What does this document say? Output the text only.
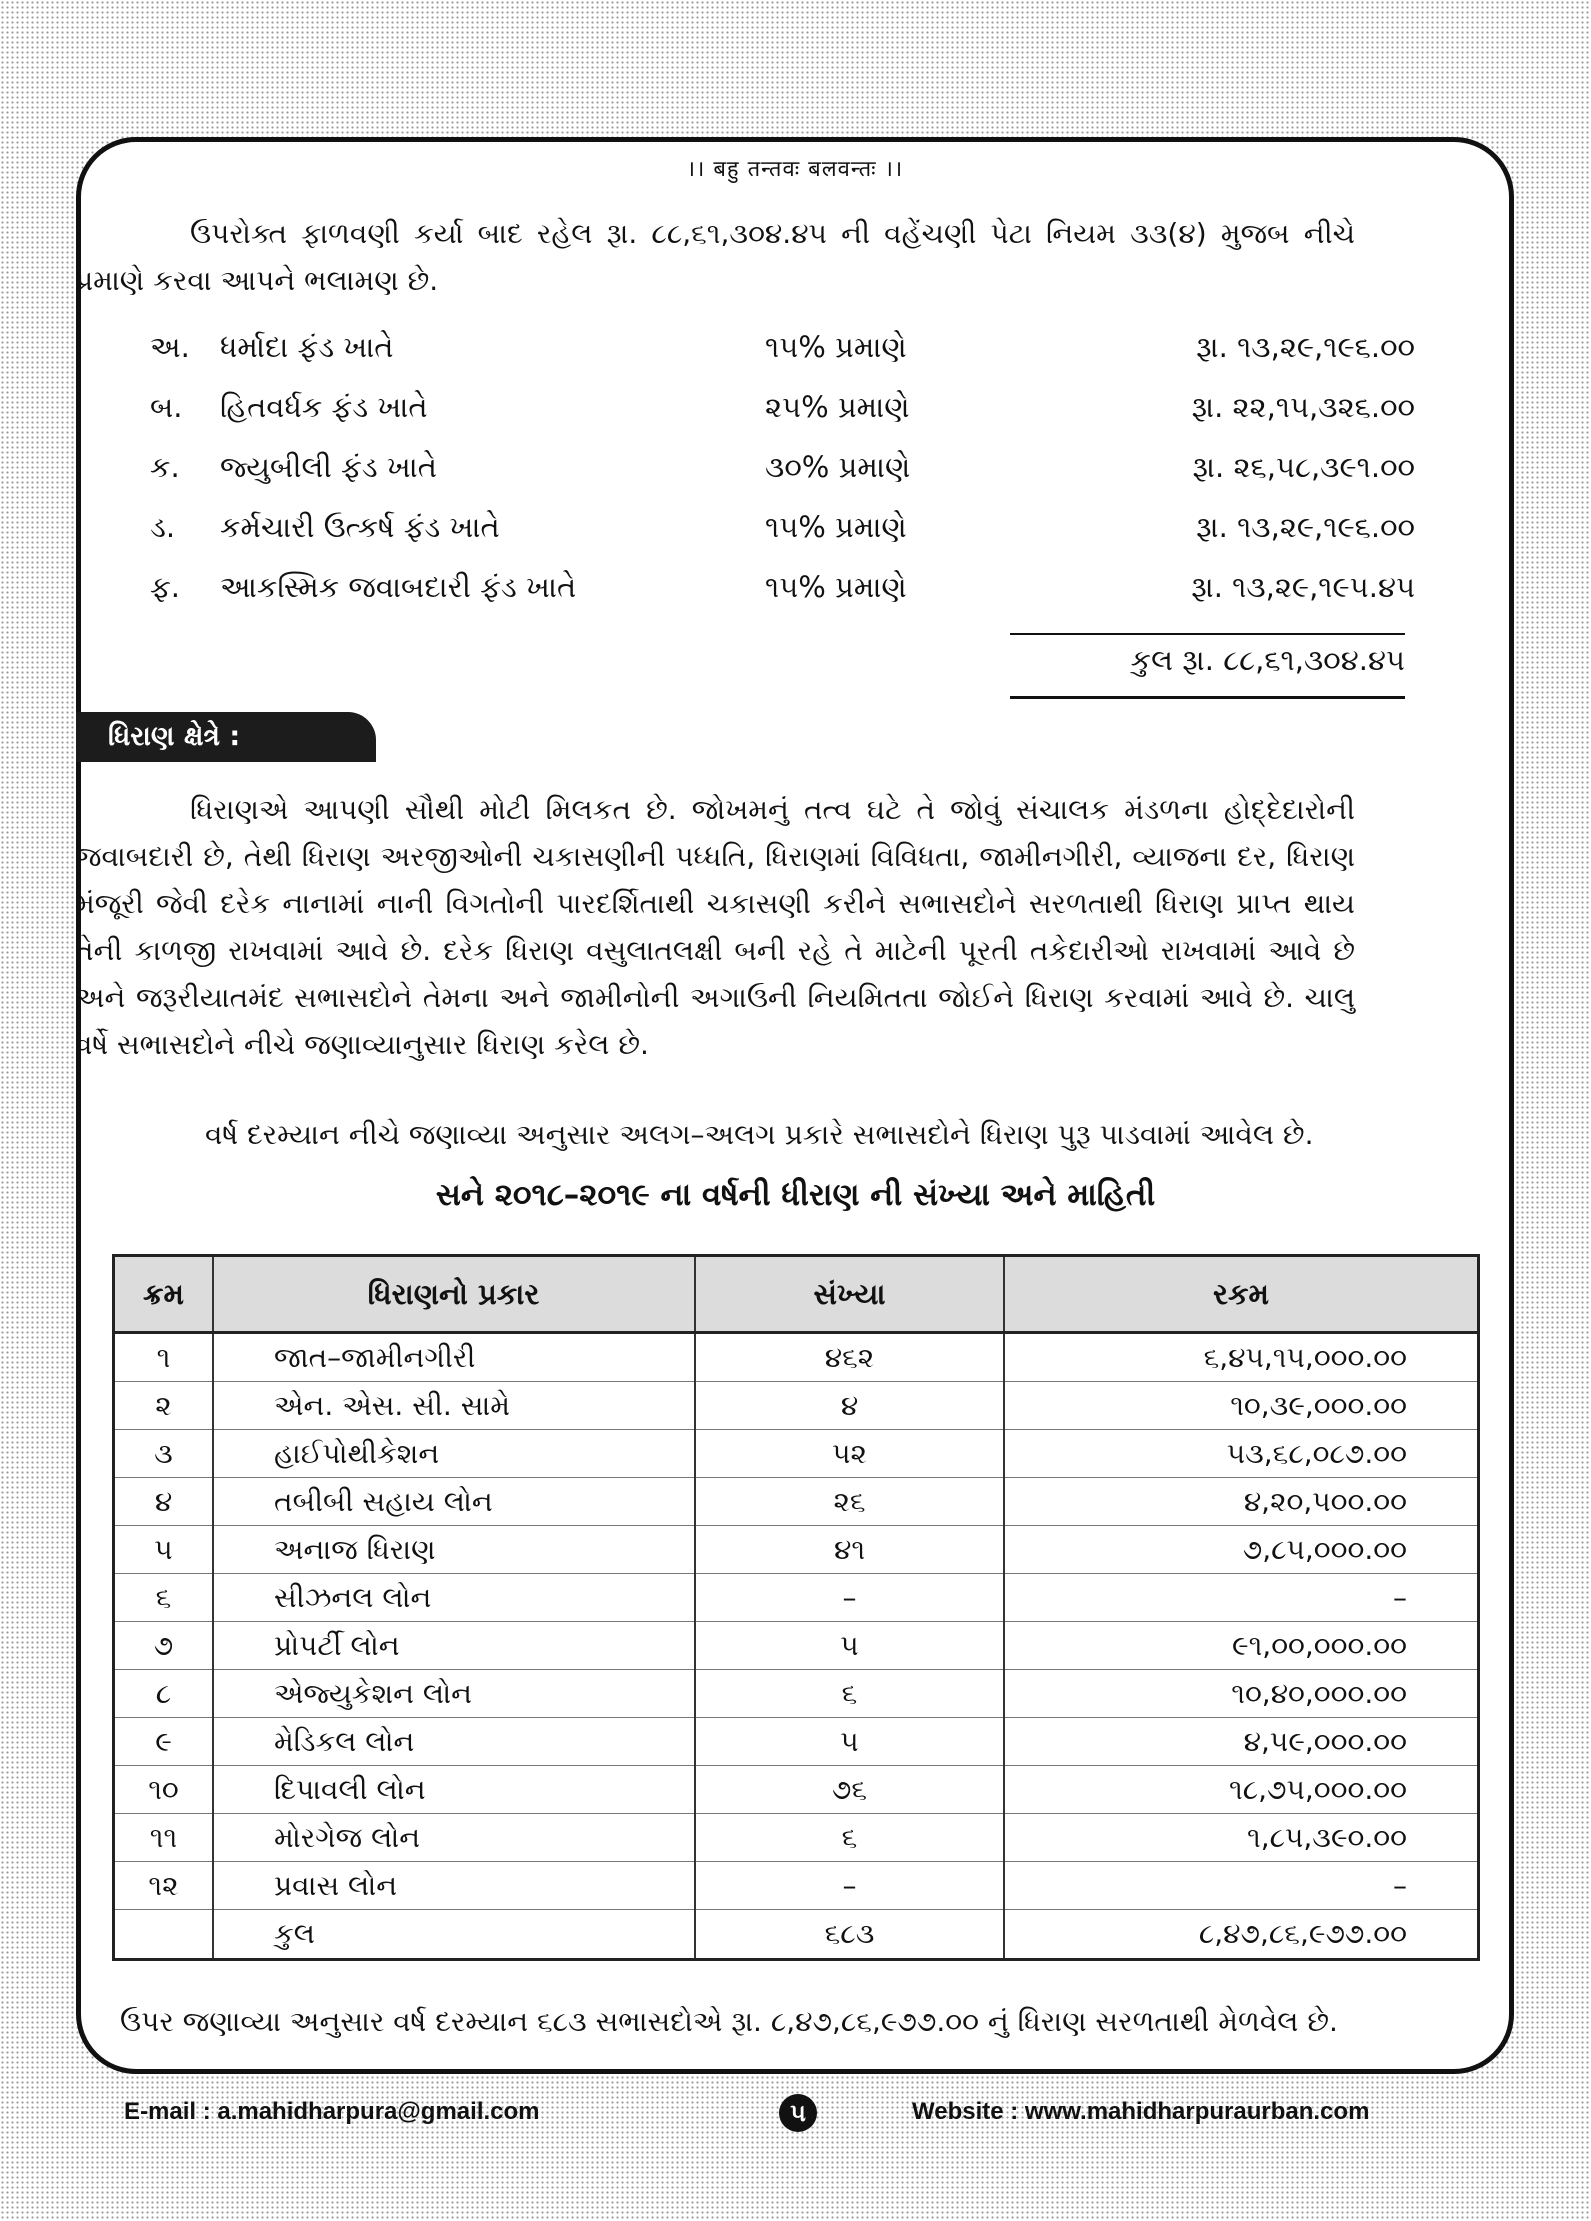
।। बहु तन्तवः बलवन्तः ।।

ઉપરોક્ત ફાળવણી કર્યા બાદ રહેલ રૂા. ૮૮,૬૧,૩૦૪.૪૫ ની વહેંચણી પેટા નિયમ ૩૩(૪) મુજબ નીચે પ્રમાણે કરવા આપને ભલામણ છે.

અ. ધર્માદા ફંડ ખાતે	૧૫% પ્રમાણે	રૂા. ૧૩,૨૯,૧૯૬.૦૦
બ. હિતવર્ધક ફંડ ખાતે	૨૫% પ્રમાણે	રૂા. ૨૨,૧૫,૩૨૬.૦૦
ક. જ્યુબીલી ફંડ ખાતે	૩૦% પ્રમાણે	રૂા. ૨૬,૫૮,૩૯૧.૦૦
ડ. કર્મચારી ઉત્કર્ષ ફંડ ખાતે	૧૫% પ્રમાણે	રૂા. ૧૩,૨૯,૧૯૬.૦૦
ફ. આકસ્મિક જવાબદારી ફંડ ખાતે	૧૫% પ્રમાણે	રૂા. ૧૩,૨૯,૧૯૫.૪૫
કુલ રૂા. ૮૮,૬૧,૩૦૪.૪૫
ધિરાણ ક્ષેત્રે :

ધિરાણએ આપણી સૌથી મોટી મિલકત છે. જોખમનું તત્વ ઘટે તે જોવું સંચાલક મંડળના હોદ્દેદારોની જવાબદારી છે, તેથી ધિરાણ અરજીઓની ચકાસણીની પધ્ધતિ, ધિરાણમાં વિવિધતા, જામીનગીરી, વ્યાજના દર, ધિરાણ મંજૂરી જેવી દરેક નાનામાં નાની વિગતોની પારદર્શિતાથી ચકાસણી કરીને સભાસદોને સરળતાથી ધિરાણ પ્રાપ્ત થાય તેની કાળજી રાખવામાં આવે છે. દરેક ધિરાણ વસુલાતલક્ષી બની રહે તે માટેની પૂરતી તકેદારીઓ રાખવામાં આવે છે અને જરૂરીયાતમંદ સભાસદોને તેમના અને જામીનોની અગાઉની નિયમિતતા જોઈને ધિરાણ કરવામાં આવે છે. ચાલુ વર્ષે સભાસદોને નીચે જણાવ્યાનુસાર ધિરાણ કરેલ છે.

વર્ષ દરમ્યાન નીચે જણાવ્યા અનુસાર અલગ–અલગ પ્રકારે સભાસદોને ધિરાણ પુરૂ પાડવામાં આવેલ છે.
સને ૨૦૧૮–૨૦૧૯ ના વર્ષની ધીરાણ ની સંખ્યા અને માહિતી
ક્રમ	ધિરાણનો પ્રકાર	સંખ્યા	રકમ
૧	જાત–જામીનગીરી	૪૬૨	૬,૪૫,૧૫,૦૦૦.૦૦
૨	એન. એસ. સી. સામે	૪	૧૦,૩૯,૦૦૦.૦૦
૩	હાઈપોથીકેશન	૫૨	૫૩,૬૮,૦૮૭.૦૦
૪	તબીબી સહાય લોન	૨૬	૪,૨૦,૫૦૦.૦૦
૫	અનાજ ધિરાણ	૪૧	૭,૮૫,૦૦૦.૦૦
૬	સીઝનલ લોન	–	–
૭	પ્રોપર્ટી લોન	૫	૯૧,૦૦,૦૦૦.૦૦
૮	એજ્યુકેશન લોન	૬	૧૦,૪૦,૦૦૦.૦૦
૯	મેડિકલ લોન	૫	૪,૫૯,૦૦૦.૦૦
૧૦	દિપાવલી લોન	૭૬	૧૮,૭૫,૦૦૦.૦૦
૧૧	મોરગેજ લોન	૬	૧,૮૫,૩૯૦.૦૦
૧૨	પ્રવાસ લોન	–	–
	કુલ	૬૮૩	૮,૪૭,૮૬,૯૭૭.૦૦
ઉપર જણાવ્યા અનુસાર વર્ષ દરમ્યાન ૬૮૩ સભાસદોએ રૂા. ૮,૪૭,૮૬,૯૭૭.૦૦ નું ધિરાણ સરળતાથી મેળવેલ છે.
E-mail : a.mahidharpura@gmail.com	૫	Website : www.mahidharpuraurban.com
